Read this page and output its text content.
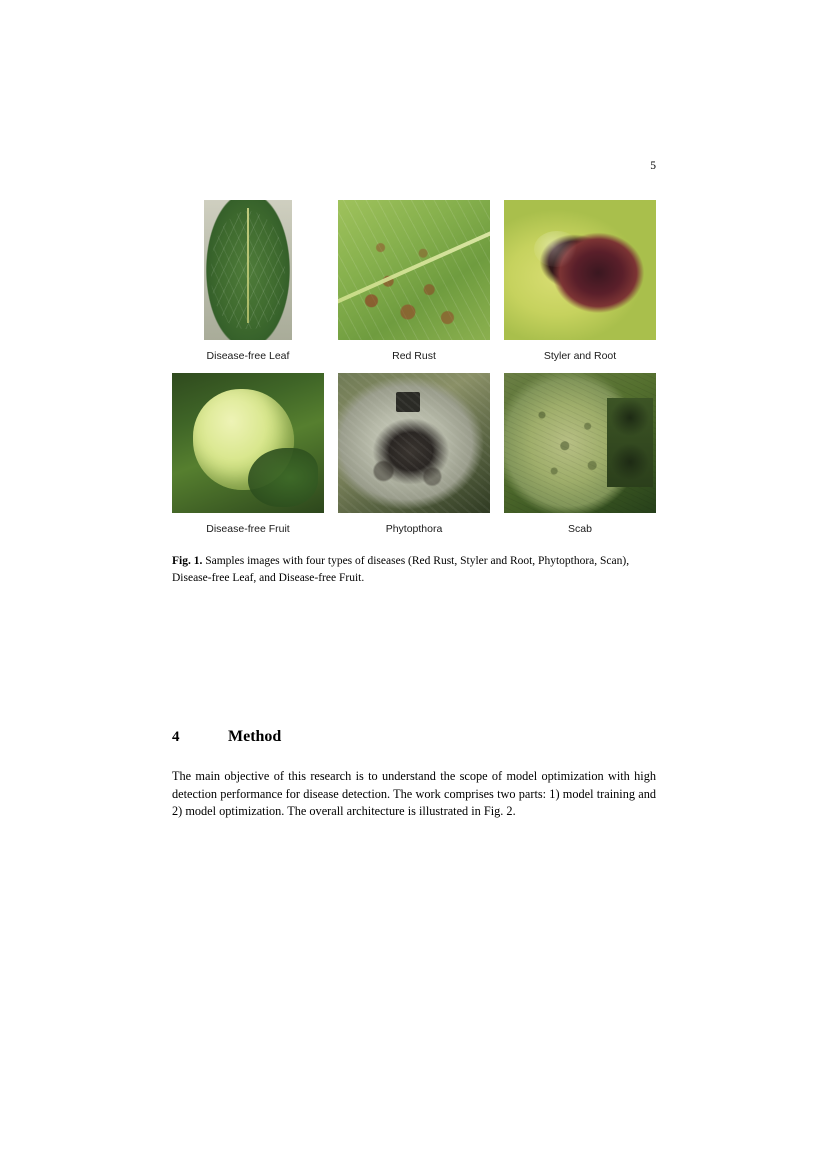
5
Disease-free Leaf	Red Rust	Styler and Root
Disease-free Fruit	Phytopthora	Scab
Fig. 1. Samples images with four types of diseases (Red Rust, Styler and Root, Phytopthora, Scan), Disease-free Leaf, and Disease-free Fruit.
4	Method
The main objective of this research is to understand the scope of model optimization with high detection performance for disease detection. The work comprises two parts: 1) model training and 2) model optimization. The overall architecture is illustrated in Fig. 2.
